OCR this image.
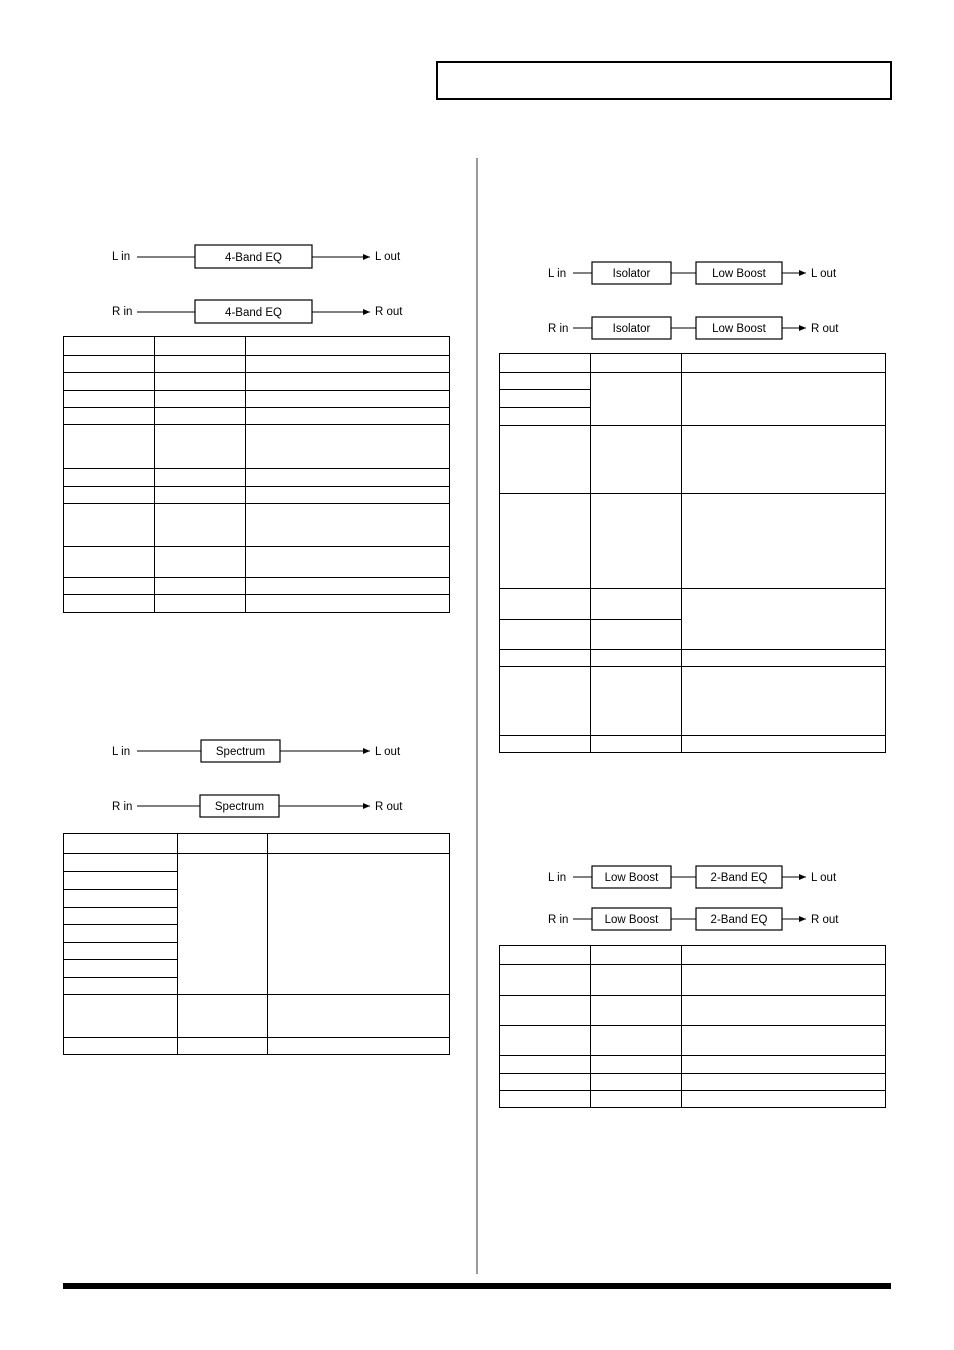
L in	4-Band EQ	L out
R in	4-Band EQ	R out

L in	Spectrum	L out
R in	Spectrum	R out

L in	Isolator	Low Boost	L out
R in	Isolator	Low Boost	R out

L in	Low Boost	2-Band EQ	L out
R in	Low Boost	2-Band EQ	R out
